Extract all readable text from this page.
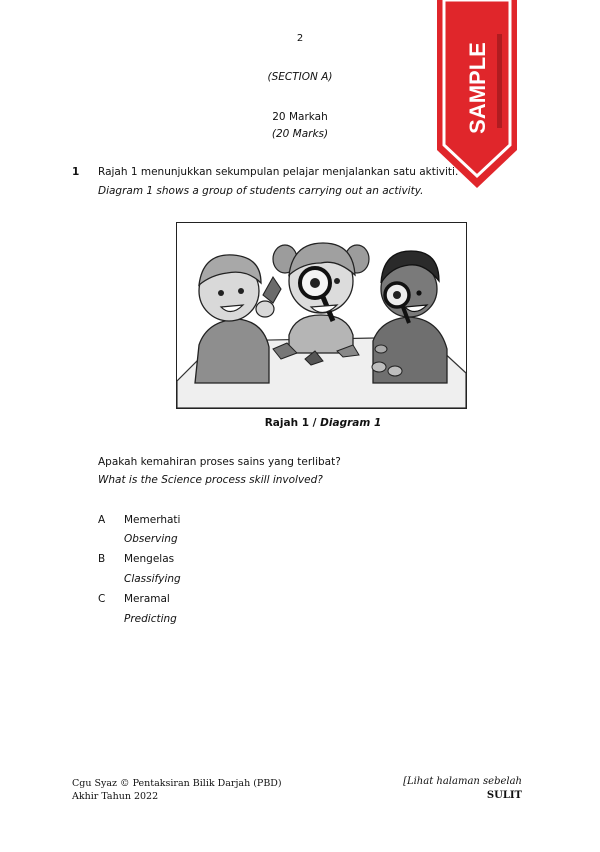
2
(SECTION A)
20 Markah
(20 Marks)
1 Rajah 1 menunjukkan sekumpulan pelajar menjalankan satu aktiviti.
Diagram 1 shows a group of students carrying out an activity.
Rajah 1 / Diagram 1
Apakah kemahiran proses sains yang terlibat?
What is the Science process skill involved?
A Memerhati
Observing
B Mengelas
Classifying
C Meramal
Predicting
Cgu Syaz © Pentaksiran Bilik Darjah (PBD)
Akhir Tahun 2022
[Lihat halaman sebelah
SULIT
SAMPLE
